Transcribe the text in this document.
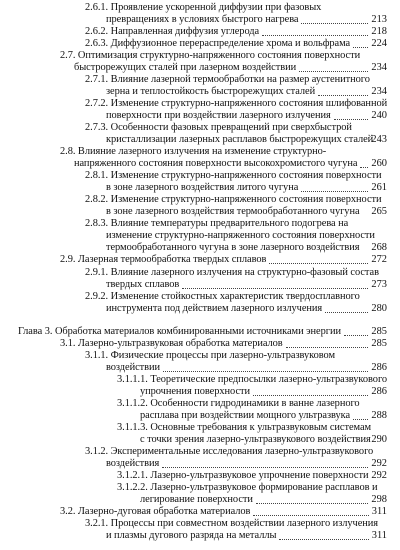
2.6.1. Проявление ускоренной диффузии при фазовых
превращениях в условиях быстрого нагрева	213
2.6.2. Направленная диффузия углерода	218
2.6.3. Диффузионное перераспределение хрома и вольфрама 224
2.7. Оптимизация структурно-напряженного состояния поверхности
быстрорежущих сталей при лазерном воздействии	234
2.7.1. Влияние лазерной термообработки на размер аустенитного
зерна и теплостойкость быстрорежущих сталей	234
2.7.2. Изменение структурно-напряженного состояния шлифованной
поверхности при воздействии лазерного излучения	240
2.7.3. Особенности фазовых превращений при сверхбыстрой
кристаллизации лазерных расплавов быстрорежущих сталей
243
2.8. Влияние лазерного излучения на изменение структурно-
напряженного состояния поверхности высокохромистого чугуна 260
2.8.1. Изменение структурно-напряженного состояния поверхности
в зоне лазерного воздействия литого чугуна	261
2.8.2. Изменение структурно-напряженного состояния поверхности
в зоне лазерного воздействия термообработанного чугуна 265
2.8.3. Влияние температуры предварительного подогрева на
изменение структурно-напряженного состояния поверхности
термообработанного чугуна в зоне лазерного воздействия 268
2.9. Лазерная термообработка твердых сплавов	272
2.9.1. Влияние лазерного излучения на структурно-фазовый состав
твердых сплавов	273
2.9.2. Изменение стойкостных характеристик твердосплавного
инструмента под действием лазерного излучения	280
Глава 3. Обработка материалов комбинированными источниками энергии	285
3.1. Лазерно-ультразвуковая обработка материалов	285
3.1.1. Физические процессы при лазерно-ультразвуковом
воздействии	286
3.1.1.1. Теоретические предпосылки лазерно-ультразвукового
упрочнения поверхности	286
3.1.1.2. Особенности гидродинамики в ванне лазерного
расплава при воздействии мощного ультразвука 288
3.1.1.3. Основные требования к ультразвуковым системам
с точки зрения лазерно-ультразвукового воздействия 290
3.1.2. Экспериментальные исследования лазерно-ультразвукового
воздействия	292
3.1.2.1. Лазерно-ультразвуковое упрочнение поверхности 292
3.1.2.2. Лазерно-ультразвуковое формирование расплавов и
легирование поверхности	298
3.2. Лазерно-дуговая обработка материалов	311
3.2.1. Процессы при совместном воздействии лазерного излучения
и плазмы дугового разряда на металлы	311
